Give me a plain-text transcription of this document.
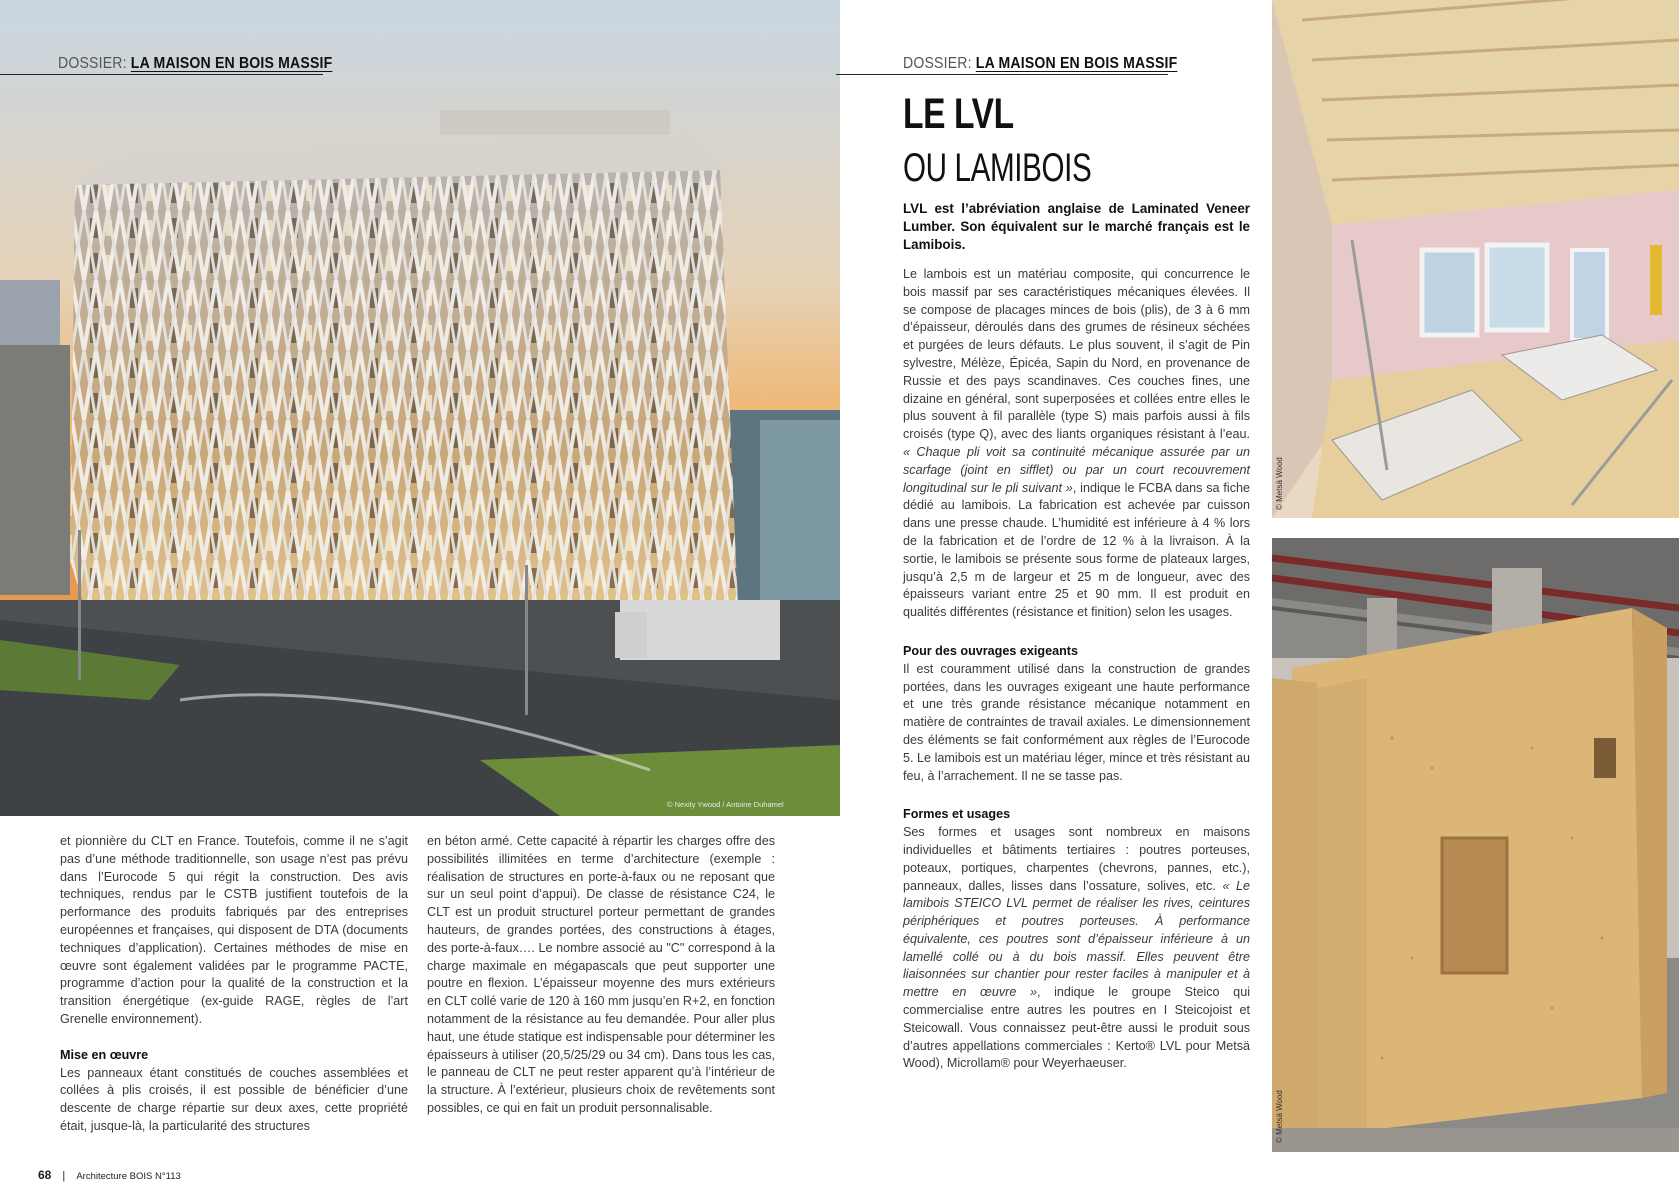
© Nexity Ywood / Antoine Duhamel
DOSSIER: LA MAISON EN BOIS MASSIF

et pionnière du CLT en France. Toutefois, comme il ne s’agit pas d’une méthode traditionnelle, son usage n’est pas prévu dans l’Eurocode 5 qui régit la construction. Des avis techniques, rendus par le CSTB justifient toutefois de la performance des produits fabriqués par des entreprises européennes et françaises, qui disposent de DTA (documents techniques d’application). Certaines méthodes de mise en œuvre sont également validées par le programme PACTE, programme d’action pour la qualité de la construction et la transition énergétique (ex-guide RAGE, règles de l’art Grenelle environnement).

Mise en œuvre

Les panneaux étant constitués de couches assemblées et collées à plis croisés, il est possible de bénéficier d’une descente de charge répartie sur deux axes, cette propriété était, jusque-là, la particularité des structures

en béton armé. Cette capacité à répartir les charges offre des possibilités illimitées en terme d’architecture (exemple : réalisation de structures en porte-à-faux ou ne reposant que sur un seul point d’appui). De classe de résistance C24, le CLT est un produit structurel porteur permettant de grandes hauteurs, de grandes portées, des constructions à étages, des porte-à-faux…. Le nombre associé au "C" correspond à la charge maximale en mégapascals que peut supporter une poutre en flexion. L’épaisseur moyenne des murs extérieurs en CLT collé varie de 120 à 160 mm jusqu’en R+2, en fonction notamment de la résistance au feu demandée. Pour aller plus haut, une étude statique est indispensable pour déterminer les épaisseurs à utiliser (20,5/25/29 ou 34 cm). Dans tous les cas, le panneau de CLT ne peut rester apparent qu’à l’intérieur de la structure. À l’extérieur, plusieurs choix de revêtements sont possibles, ce qui en fait un produit personnalisable.

68 | Architecture BOIS N°113
DOSSIER: LA MAISON EN BOIS MASSIF
LE LVL
OU LAMIBOIS
LVL est l’abréviation anglaise de Laminated Veneer Lumber. Son équivalent sur le marché français est le Lamibois.

Le lambois est un matériau composite, qui concurrence le bois massif par ses caractéristiques mécaniques élevées. Il se compose de placages minces de bois (plis), de 3 à 6 mm d’épaisseur, déroulés dans des grumes de résineux séchées et purgées de leurs défauts. Le plus souvent, il s’agit de Pin sylvestre, Mélèze, Épicéa, Sapin du Nord, en provenance de Russie et des pays scandinaves. Ces couches fines, une dizaine en général, sont superposées et collées entre elles le plus souvent à fil parallèle (type S) mais parfois aussi à fils croisés (type Q), avec des liants organiques résistant à l’eau. « Chaque pli voit sa continuité mécanique assurée par un scarfage (joint en sifflet) ou par un court recouvrement longitudinal sur le pli suivant », indique le FCBA dans sa fiche dédié au lamibois. La fabrication est achevée par cuisson dans une presse chaude. L’humidité est inférieure à 4 % lors de la fabrication et de l’ordre de 12 % à la livraison. À la sortie, le lamibois se présente sous forme de plateaux larges, jusqu’à 2,5 m de largeur et 25 m de longueur, avec des épaisseurs variant entre 25 et 90 mm. Il est produit en qualités différentes (résistance et finition) selon les usages.

Pour des ouvrages exigeants

Il est couramment utilisé dans la construction de grandes portées, dans les ouvrages exigeant une haute performance et une très grande résistance mécanique notamment en matière de contraintes de travail axiales. Le dimensionnement des éléments se fait conformément aux règles de l’Eurocode 5. Le lamibois est un matériau léger, mince et très résistant au feu, à l’arrachement. Il ne se tasse pas.

Formes et usages

Ses formes et usages sont nombreux en maisons individuelles et bâtiments tertiaires : poutres porteuses, poteaux, portiques, charpentes (chevrons, pannes, etc.), panneaux, dalles, lisses dans l’ossature, solives, etc. « Le lamibois STEICO LVL permet de réaliser les rives, ceintures périphériques et poutres porteuses. À performance équivalente, ces poutres sont d’épaisseur inférieure à un lamellé collé ou à du bois massif. Elles peuvent être liaisonnées sur chantier pour rester faciles à manipuler et à mettre en œuvre », indique le groupe Steico qui commercialise entre autres les poutres en I Steicojoist et Steicowall. Vous connaissez peut-être aussi le produit sous d’autres appellations commerciales : Kerto® LVL pour Metsä Wood), Microllam® pour Weyerhaeuser.

© Metsä Wood
© Metsä Wood
